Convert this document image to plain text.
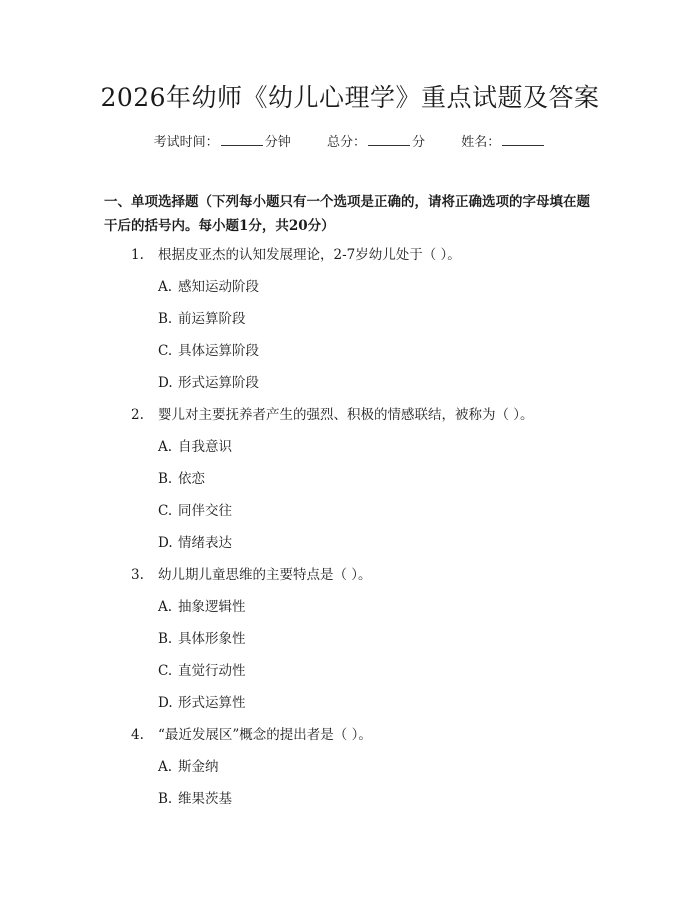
2026年幼师《幼儿心理学》重点试题及答案
考试时间：	分钟	总分：	分	姓名：

一、单项选择题（下列每小题只有一个选项是正确的，请将正确选项的字母填在题干后的括号内。每小题1分，共20分）

1. 根据皮亚杰的认知发展理论，2-7岁幼儿处于（ ）。
A. 感知运动阶段
B. 前运算阶段
C. 具体运算阶段
D. 形式运算阶段
2. 婴儿对主要抚养者产生的强烈、积极的情感联结，被称为（ ）。
A. 自我意识
B. 依恋
C. 同伴交往
D. 情绪表达
3. 幼儿期儿童思维的主要特点是（ ）。
A. 抽象逻辑性
B. 具体形象性
C. 直觉行动性
D. 形式运算性
4. “最近发展区”概念的提出者是（ ）。
A. 斯金纳
B. 维果茨基
